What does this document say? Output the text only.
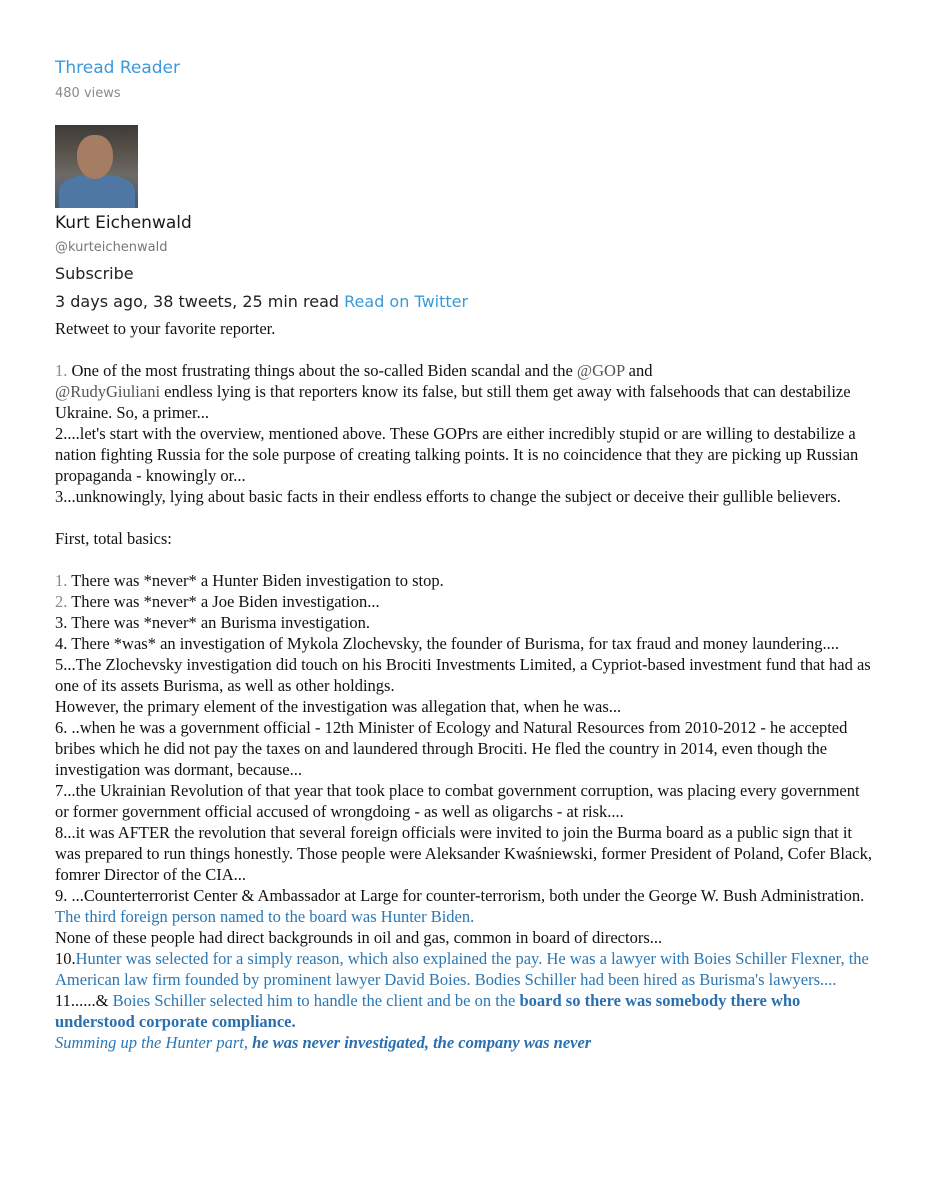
Thread Reader
480 views
Kurt Eichenwald
@kurteichenwald
Subscribe
3 days ago, 38 tweets, 25 min read Read on Twitter

Retweet to your favorite reporter.

1. One of the most frustrating things about the so-called Biden scandal and the @GOP and
@RudyGiuliani endless lying is that reporters know its false, but still them get away with falsehoods that can destabilize Ukraine. So, a primer...

2....let's start with the overview, mentioned above. These GOPrs are either incredibly stupid or are willing to destabilize a nation fighting Russia for the sole purpose of creating talking points. It is no coincidence that they are picking up Russian propaganda - knowingly or...

3...unknowingly, lying about basic facts in their endless efforts to change the subject or deceive their gullible believers.

First, total basics:

1. There was *never* a Hunter Biden investigation to stop.

2. There was *never* a Joe Biden investigation...

3. There was *never* an Burisma investigation.

4. There *was* an investigation of Mykola Zlochevsky, the founder of Burisma, for tax fraud and money laundering....

5...The Zlochevsky investigation did touch on his Brociti Investments Limited, a Cypriot-based investment fund that had as one of its assets Burisma, as well as other holdings.

However, the primary element of the investigation was allegation that, when he was...

6. ..when he was a government official - 12th Minister of Ecology and Natural Resources from 2010-2012 - he accepted bribes which he did not pay the taxes on and laundered through Brociti. He fled the country in 2014, even though the investigation was dormant, because...

7...the Ukrainian Revolution of that year that took place to combat government corruption, was placing every government or former government official accused of wrongdoing - as well as oligarchs - at risk....

8...it was AFTER the revolution that several foreign officials were invited to join the Burma board as a public sign that it was prepared to run things honestly. Those people were Aleksander Kwaśniewski, former President of Poland, Cofer Black, fomrer Director of the CIA...

9. ...Counterterrorist Center & Ambassador at Large for counter-terrorism, both under the George W. Bush Administration. The third foreign person named to the board was Hunter Biden.

None of these people had direct backgrounds in oil and gas, common in board of directors...

10.Hunter was selected for a simply reason, which also explained the pay. He was a lawyer with Boies Schiller Flexner, the American law firm founded by prominent lawyer David Boies. Bodies Schiller had been hired as Burisma's lawyers....

11......& Boies Schiller selected him to handle the client and be on the board so there was somebody there who understood corporate compliance.

Summing up the Hunter part, he was never investigated, the company was never
